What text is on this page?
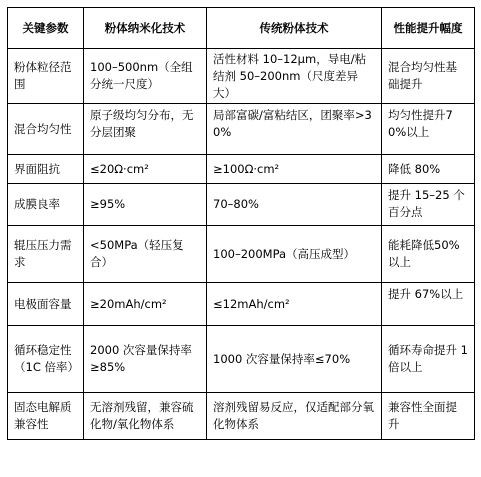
关键参数	粉体纳米化技术	传统粉体技术	性能提升幅度
粉体粒径范围	100–500nm（全组分统一尺度）	活性材料 10–12μm，导电/粘结剂 50–200nm（尺度差异大）	混合均匀性基础提升
混合均匀性	原子级均匀分布，无分层团聚	局部富碳/富粘结区，团聚率>30%	均匀性提升70%以上
界面阻抗	≤20Ω·cm²	≥100Ω·cm²	降低 80%
成膜良率	≥95%	70–80%	提升 15–25 个百分点
辊压压力需求	<50MPa（轻压复合）	100–200MPa（高压成型）	能耗降低50%以上
电极面容量	≥20mAh/cm²	≤12mAh/cm²	提升 67%以上
循环稳定性（1C 倍率）	2000 次容量保持率≥85%	1000 次容量保持率≤70%	循环寿命提升 1 倍以上
固态电解质兼容性	无溶剂残留，兼容硫化物/氧化物体系	溶剂残留易反应，仅适配部分氧化物体系	兼容性全面提升
